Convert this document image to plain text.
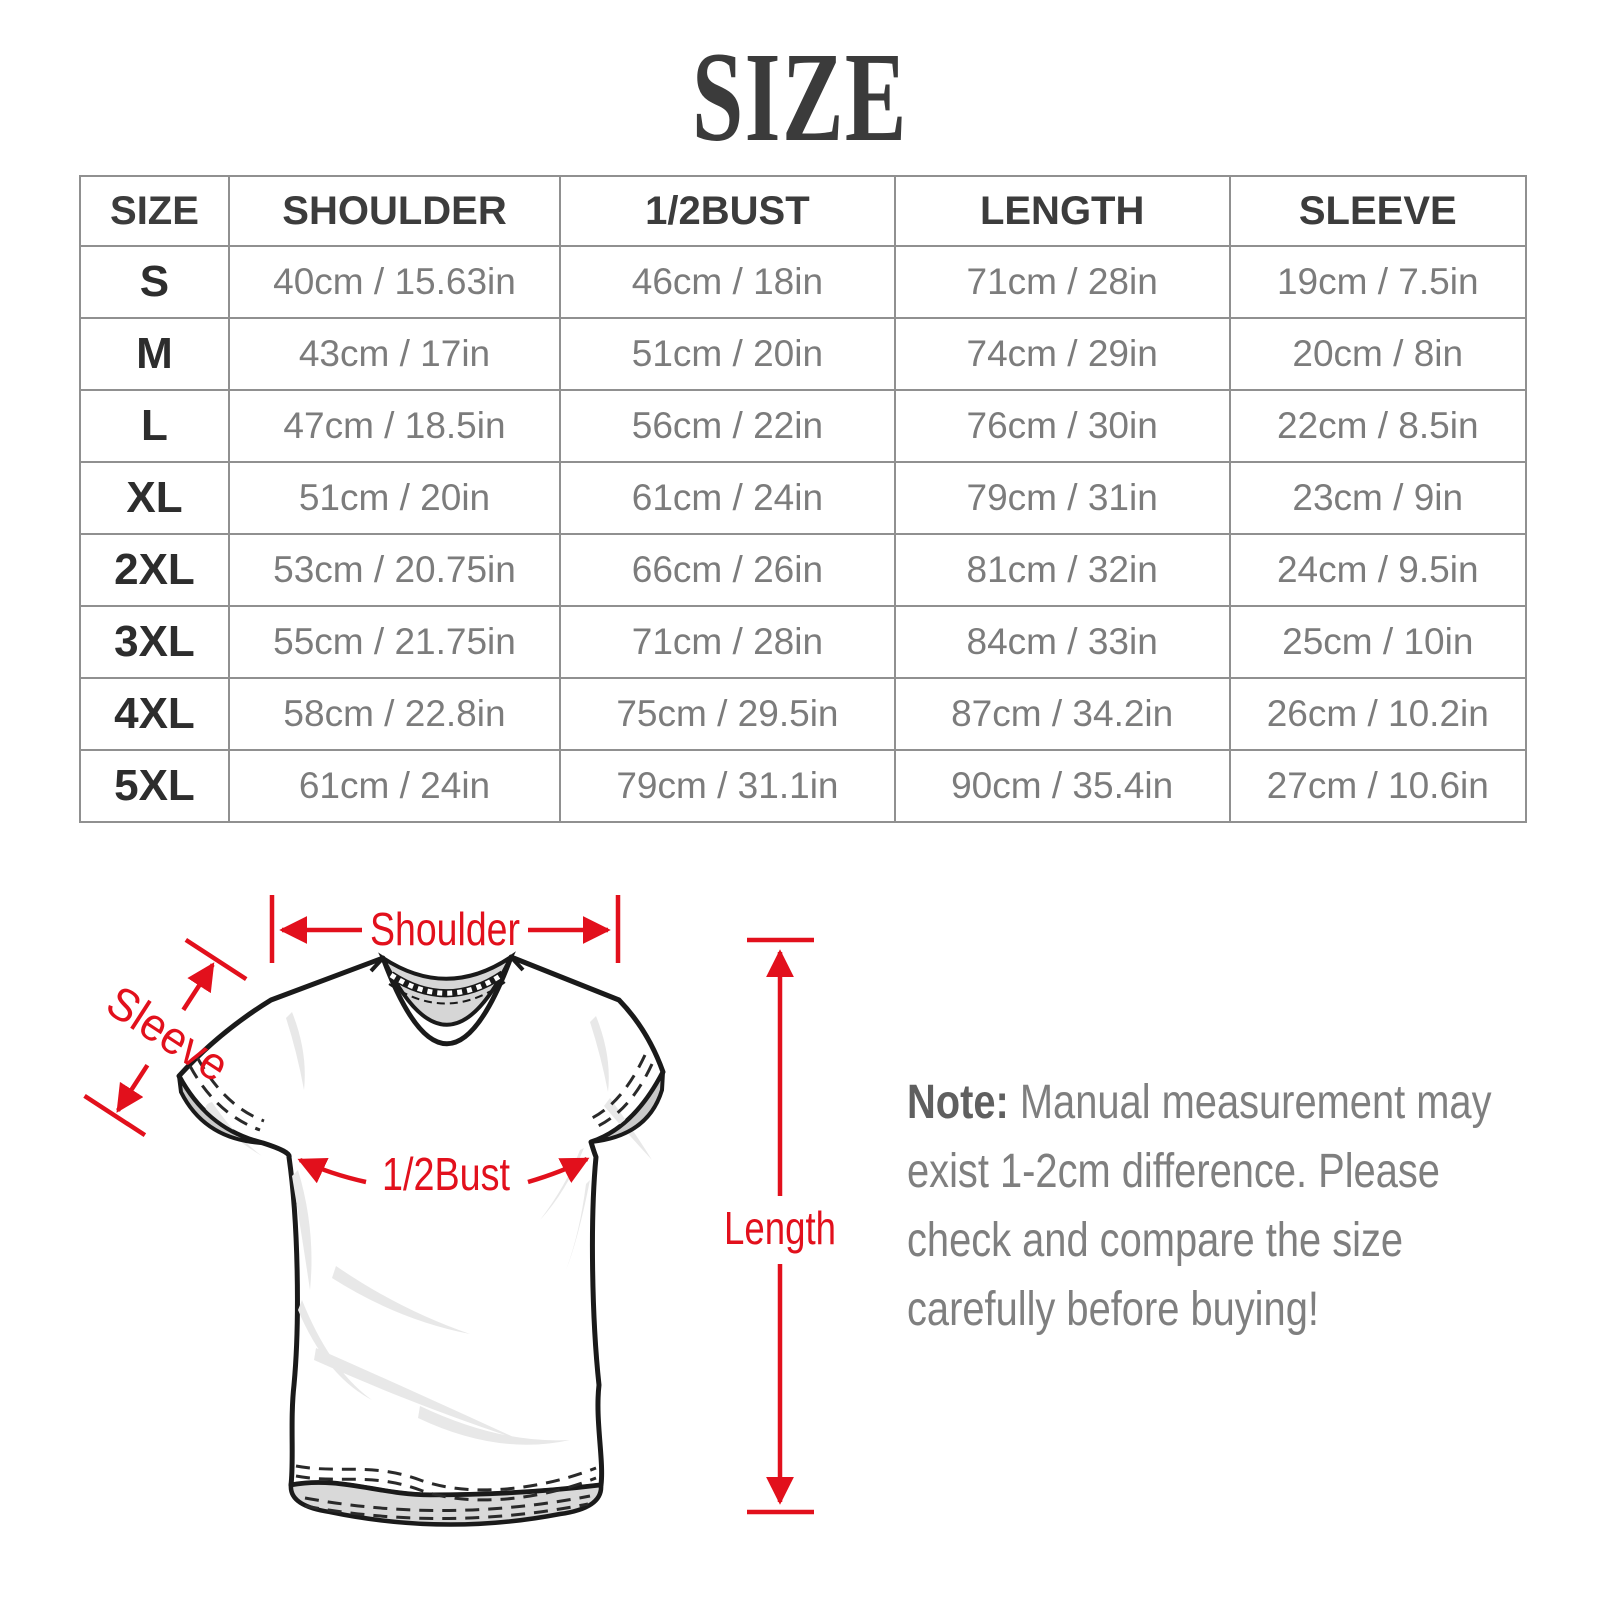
SIZE
SIZE	SHOULDER	1/2BUST	LENGTH	SLEEVE
S	40cm / 15.63in	46cm / 18in	71cm / 28in	19cm / 7.5in
M	43cm / 17in	51cm / 20in	74cm / 29in	20cm / 8in
L	47cm / 18.5in	56cm / 22in	76cm / 30in	22cm / 8.5in
XL	51cm / 20in	61cm / 24in	79cm / 31in	23cm / 9in
2XL	53cm / 20.75in	66cm / 26in	81cm / 32in	24cm / 9.5in
3XL	55cm / 21.75in	71cm / 28in	84cm / 33in	25cm / 10in
4XL	58cm / 22.8in	75cm / 29.5in	87cm / 34.2in	26cm / 10.2in
5XL	61cm / 24in	79cm / 31.1in	90cm / 35.4in	27cm / 10.6in
Shoulder
Sleeve
1/2Bust
Length
Note: Manual measurement may
exist 1-2cm difference. Please
check and compare the size
carefully before buying!
